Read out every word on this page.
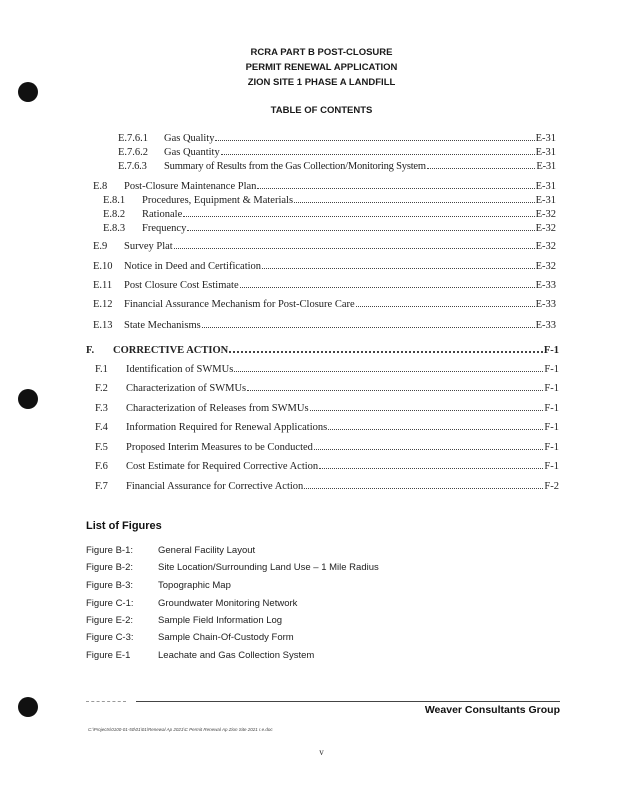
RCRA PART B POST-CLOSURE
PERMIT RENEWAL APPLICATION
ZION SITE 1 PHASE A LANDFILL
TABLE OF CONTENTS
E.7.6.1	Gas Quality	E-31
E.7.6.2	Gas Quantity	E-31
E.7.6.3	Summary of Results from the Gas Collection/Monitoring System	E-31
E.8	Post-Closure Maintenance Plan	E-31
E.8.1	Procedures, Equipment & Materials	E-31
E.8.2	Rationale	E-32
E.8.3	Frequency	E-32
E.9	Survey Plat	E-32
E.10	Notice in Deed and Certification	E-32
E.11	Post Closure Cost Estimate	E-33
E.12	Financial Assurance Mechanism for Post-Closure Care	E-33
E.13	State Mechanisms	E-33
F.	CORRECTIVE ACTION	F-1
F.1	Identification of SWMUs	F-1
F.2	Characterization of SWMUs	F-1
F.3	Characterization of Releases from SWMUs	F-1
F.4	Information Required for Renewal Applications	F-1
F.5	Proposed Interim Measures to be Conducted	F-1
F.6	Cost Estimate for Required Corrective Action	F-1
F.7	Financial Assurance for Corrective Action	F-2
List of Figures
Figure B-1:	General Facility Layout
Figure B-2:	Site Location/Surrounding Land Use – 1 Mile Radius
Figure B-3:	Topographic Map
Figure C-1:	Groundwater Monitoring Network
Figure E-2:	Sample Field Information Log
Figure C-3:	Sample Chain-Of-Custody Form
Figure E-1	Leachate and Gas Collection System
Weaver Consultants Group
C:\Projects\0100-01-50\01\01\Renewal Ap 2021\C Permit Renewal Ap Zion Site 2021 r.e.doc
v
